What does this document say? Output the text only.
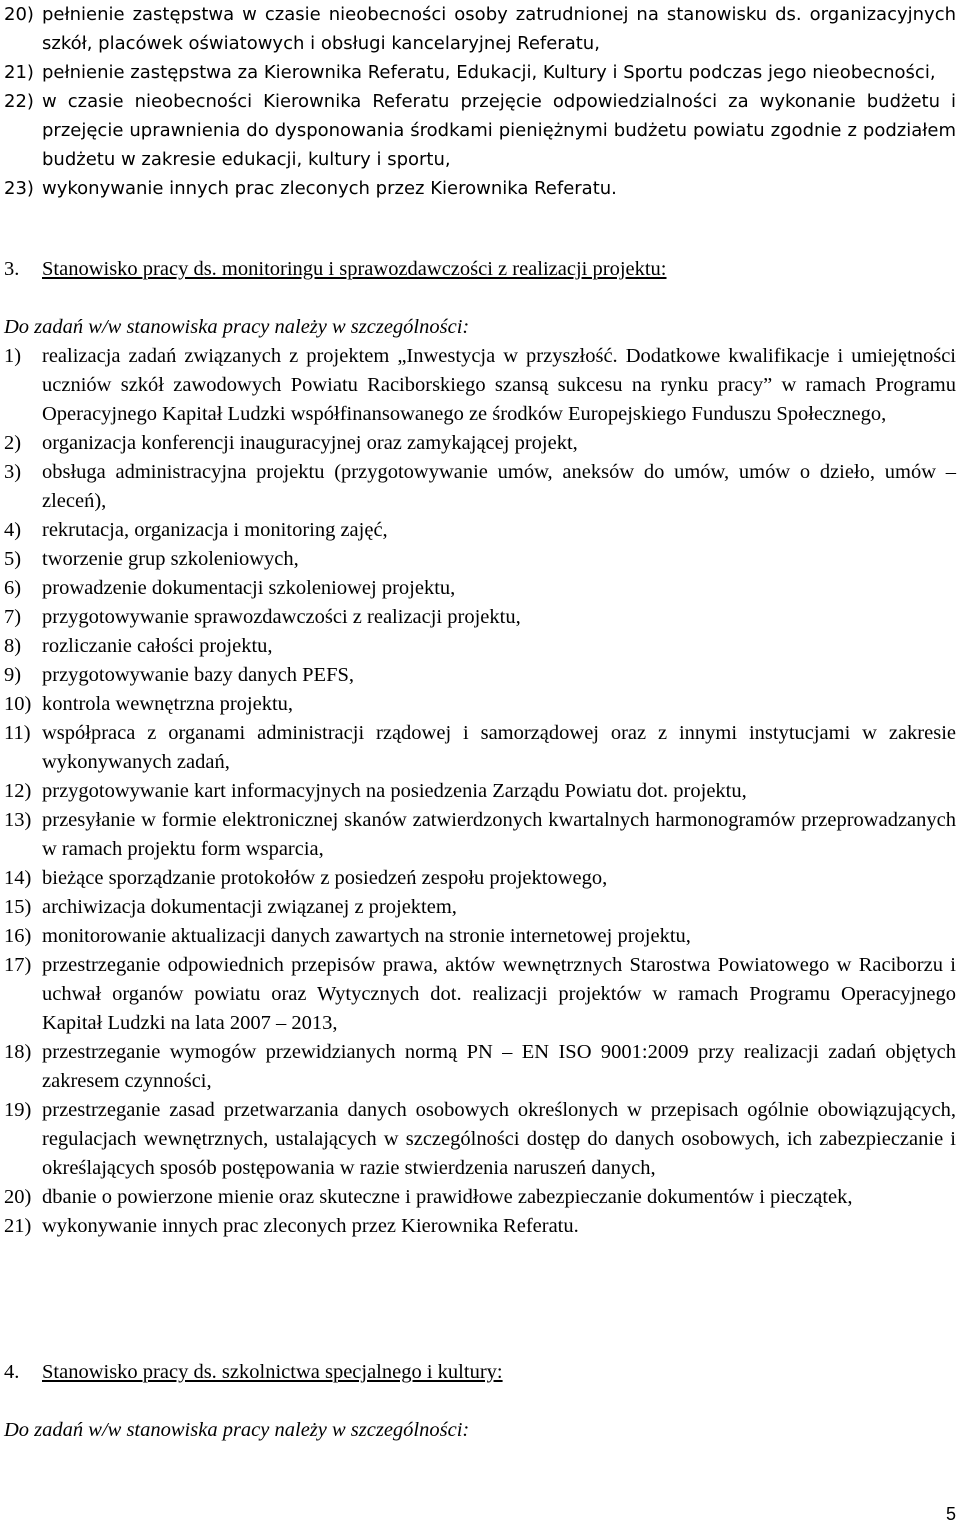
20) pełnienie zastępstwa w czasie nieobecności osoby zatrudnionej na stanowisku ds. organizacyjnych szkół, placówek oświatowych i obsługi kancelaryjnej Referatu,
21) pełnienie zastępstwa za Kierownika Referatu, Edukacji, Kultury i Sportu podczas jego nieobecności,
22) w czasie nieobecności Kierownika Referatu przejęcie odpowiedzialności za wykonanie budżetu i przejęcie uprawnienia do dysponowania środkami pieniężnymi budżetu powiatu zgodnie z podziałem budżetu w zakresie edukacji, kultury i sportu,
23) wykonywanie innych prac zleconych przez Kierownika Referatu.
3. Stanowisko pracy ds. monitoringu i sprawozdawczości z realizacji projektu:
Do zadań w/w stanowiska pracy należy w szczególności:
1) realizacja zadań związanych z projektem „Inwestycja w przyszłość. Dodatkowe kwalifikacje i umiejętności uczniów szkół zawodowych Powiatu Raciborskiego szansą sukcesu na rynku pracy” w ramach Programu Operacyjnego Kapitał Ludzki współfinansowanego ze środków Europejskiego Funduszu Społecznego,
2) organizacja konferencji inauguracyjnej oraz zamykającej projekt,
3) obsługa administracyjna projektu (przygotowywanie umów, aneksów do umów, umów o dzieło, umów – zleceń),
4) rekrutacja, organizacja i monitoring zajęć,
5) tworzenie grup szkoleniowych,
6) prowadzenie dokumentacji szkoleniowej projektu,
7) przygotowywanie sprawozdawczości z realizacji projektu,
8) rozliczanie całości projektu,
9) przygotowywanie bazy danych PEFS,
10) kontrola wewnętrzna projektu,
11) współpraca z organami administracji rządowej i samorządowej oraz z innymi instytucjami w zakresie wykonywanych zadań,
12) przygotowywanie kart informacyjnych na posiedzenia Zarządu Powiatu dot. projektu,
13) przesyłanie w formie elektronicznej skanów zatwierdzonych kwartalnych harmonogramów przeprowadzanych w ramach projektu form wsparcia,
14) bieżące sporządzanie protokołów z posiedzeń zespołu projektowego,
15) archiwizacja dokumentacji związanej z projektem,
16) monitorowanie aktualizacji danych zawartych na stronie internetowej projektu,
17) przestrzeganie odpowiednich przepisów prawa, aktów wewnętrznych Starostwa Powiatowego w Raciborzu i uchwał organów powiatu oraz Wytycznych dot. realizacji projektów w ramach Programu Operacyjnego Kapitał Ludzki na lata 2007 – 2013,
18) przestrzeganie wymogów przewidzianych normą PN – EN ISO 9001:2009 przy realizacji zadań objętych zakresem czynności,
19) przestrzeganie zasad przetwarzania danych osobowych określonych w przepisach ogólnie obowiązujących, regulacjach wewnętrznych, ustalających w szczególności dostęp do danych osobowych, ich zabezpieczanie i określających sposób postępowania w razie stwierdzenia naruszeń danych,
20) dbanie o powierzone mienie oraz skuteczne i prawidłowe zabezpieczanie dokumentów i pieczątek,
21) wykonywanie innych prac zleconych przez Kierownika Referatu.
4. Stanowisko pracy ds. szkolnictwa specjalnego i kultury:
Do zadań w/w stanowiska pracy należy w szczególności:
5
